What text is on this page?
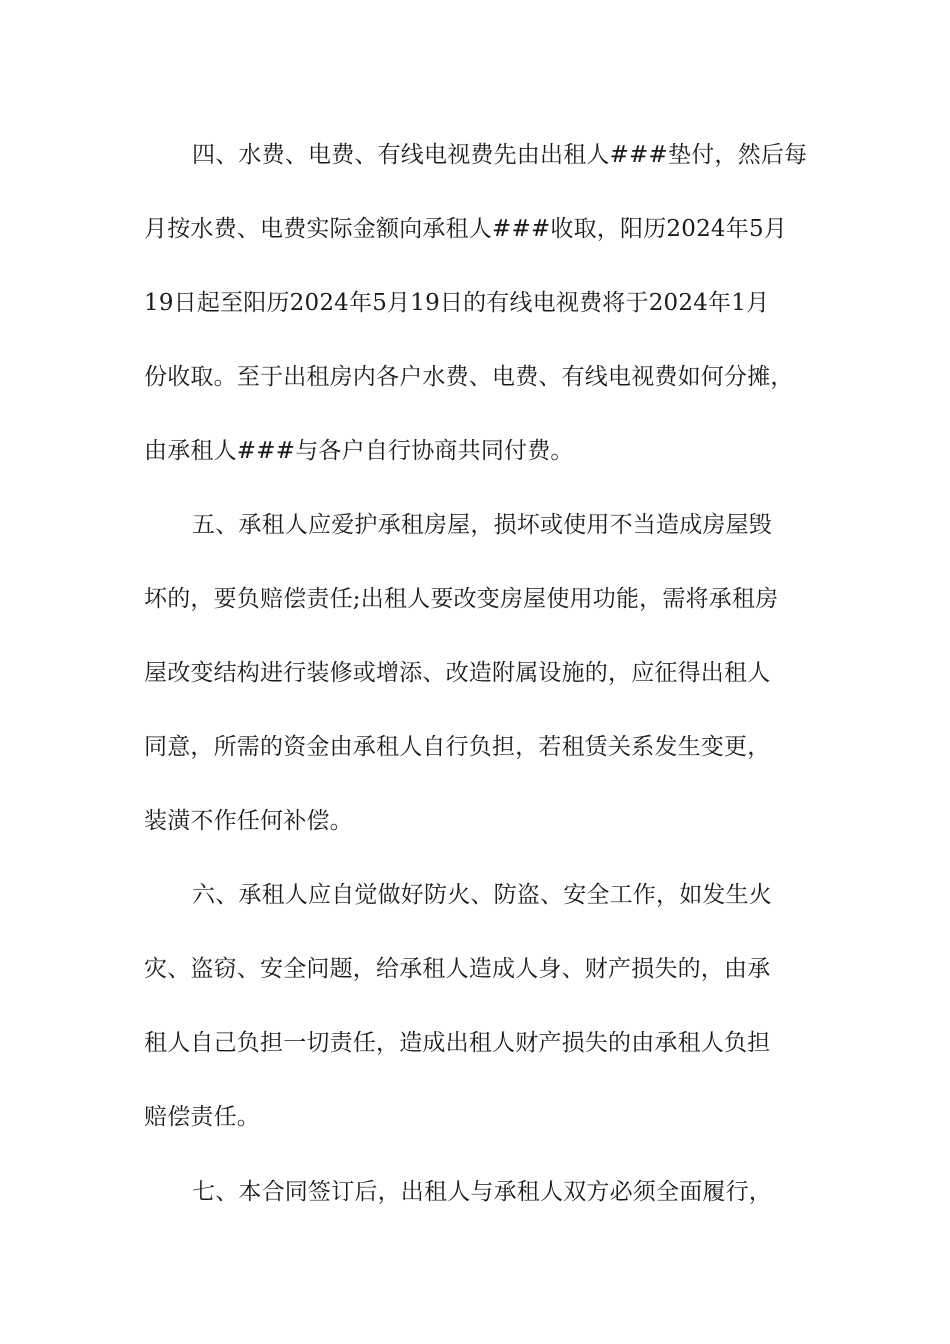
四、水费、电费、有线电视费先由出租人###垫付，然后每
月按水费、电费实际金额向承租人###收取，阳历2024年5月
19日起至阳历2024年5月19日的有线电视费将于2024年1月
份收取。至于出租房内各户水费、电费、有线电视费如何分摊，
由承租人###与各户自行协商共同付费。
五、承租人应爱护承租房屋，损坏或使用不当造成房屋毁
坏的，要负赔偿责任;出租人要改变房屋使用功能，需将承租房
屋改变结构进行装修或增添、改造附属设施的，应征得出租人
同意，所需的资金由承租人自行负担，若租赁关系发生变更，
装潢不作任何补偿。
六、承租人应自觉做好防火、防盗、安全工作，如发生火
灾、盗窃、安全问题，给承租人造成人身、财产损失的，由承
租人自己负担一切责任，造成出租人财产损失的由承租人负担
赔偿责任。
七、本合同签订后，出租人与承租人双方必须全面履行，
